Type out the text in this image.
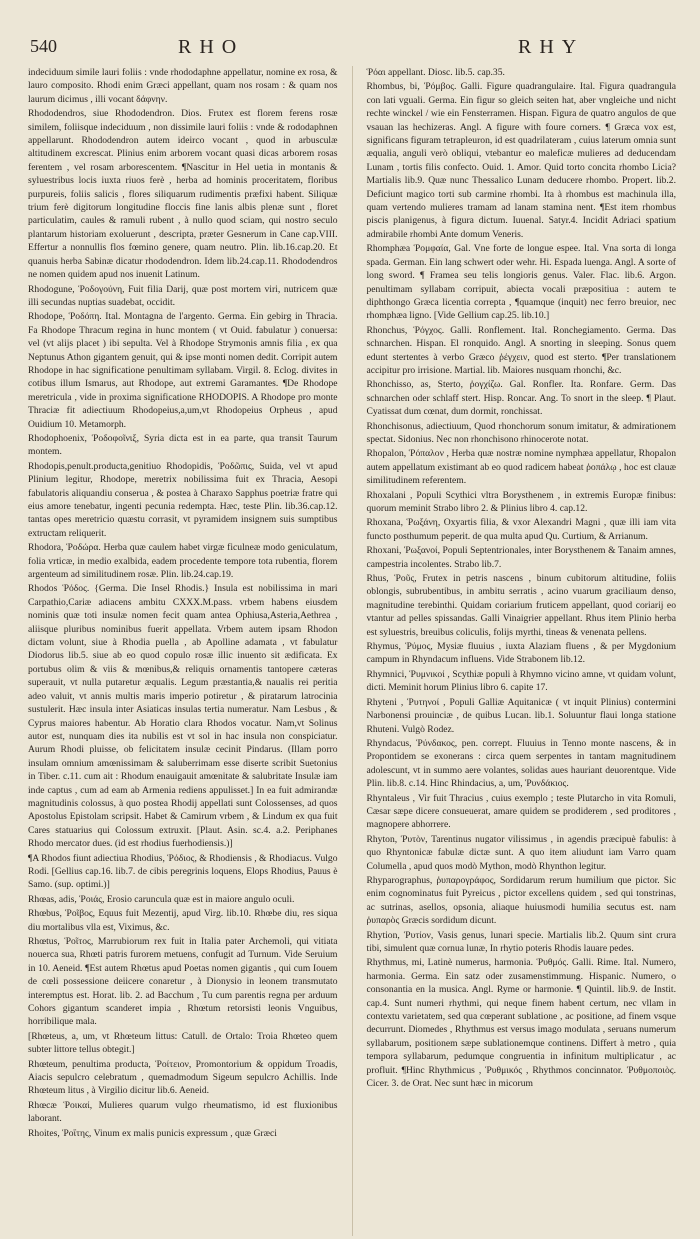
540	RHO	RHY

indeciduum simile lauri foliis : vnde rhododaphne appellatur, nomine ex rosa, & lauro composito. Rhodi enim Græci appellant, quam nos rosam : & quam nos laurum dicimus , illi vocant δάφνην.

Rhododendros, siue Rhododendron. Dios. Frutex est florem ferens rosæ similem, foliisque indeciduum , non dissimile lauri foliis : vnde & rododaphnen appellarunt. Rhododendron autem ideirco vocant , quod in arbusculæ altitudinem excrescat. Plinius enim arborem vocant quasi dicas arborem rosas ferentem , vel rosam arborescentem. ¶Nascitur in Hel uetia in montanis & syluestribus locis iuxta riuos ferè , herba ad hominis proceritatem, floribus purpureis, foliis salicis , flores siliquarum rudimentis præfixi habent. Siliquæ trium ferè digitorum longitudine floccis fine lanis albis plenæ sunt , floret particulatim, caules & ramuli rubent , à nullo quod sciam, qui nostro seculo plantarum historiam exoluerunt , descripta, præter Gesnerum in Cane cap.VIII. Effertur a nonnullis flos fœmino genere, quam neutro. Plin. lib.16.cap.20. Et quanuis herba Sabinæ dicatur rhododendron. Idem lib.24.cap.11. Rhododendros ne nomen quidem apud nos inuenit Latinum.

Rhodogune, Ῥοδογούνη, Fuit filia Darij, quæ post mortem viri, nutricem quæ illi secundas nuptias suadebat, occidit.

Rhodope, Ῥοδόπη. Ital. Montagna de l'argento. Germa. Ein gebirg in Thracia. Fa Rhodope Thracum regina in hunc montem ( vt Ouid. fabulatur ) conuersa: vel (vt alijs placet ) ibi sepulta. Vel à Rhodope Strymonis amnis filia , ex qua Neptunus Athon gigantem genuit, qui & ipse monti nomen dedit. Corripit autem Rhodope in hac significatione penultimam syllabam. Virgil. 8. Eclog. divites in cotibus illum Ismarus, aut Rhodope, aut extremi Garamantes. ¶De Rhodope meretricula , vide in proxima significatione RHODOPIS. A Rhodope pro monte Thraciæ fit adiectiuum Rhodopeius,a,um,vt Rhodopeius Orpheus , apud Ouidium 10. Metamorph.

Rhodophoenix, Ῥοδοφοῖνιξ, Syria dicta est in ea parte, qua transit Taurum montem.

Rhodopis,penult.producta,genitiuo Rhodopidis, Ῥοδῶπις, Suida, vel vt apud Plinium legitur, Rhodope, meretrix nobilissima fuit ex Thracia, Aesopi fabulatoris aliquandiu conserua , & postea à Charaxo Sapphus poetriæ fratre qui eius amore tenebatur, ingenti pecunia redempta. Hæc, teste Plin. lib.36.cap.12. tantas opes meretricio quæstu corrasit, vt pyramidem insignem suis sumptibus extructam reliquerit.

Rhodora, Ῥοδώρα. Herba quæ caulem habet virgæ ficulneæ modo geniculatum, folia vrticæ, in medio exalbida, eadem procedente tempore tota rubentia, florem argenteum ad similitudinem rosæ. Plin. lib.24.cap.19.

Rhodos Ῥόδος. {Germa. Die Insel Rhodis.} Insula est nobilissima in mari Carpathio,Cariæ adiacens ambitu CXXX.M.pass. vrbem habens eiusdem nominis quæ toti insulæ nomen fecit quam antea Ophiusa,Asteria,Aethrea , aliisque pluribus nominibus fuerit appellata. Vrbem autem ipsam Rhodon dictam volunt, siue à Rhodia puella , ab Apolline adamata , vt fabulatur Diodorus lib.5. siue ab eo quod copulo rosæ illic inuento sit ædificata. Ex portubus olim & viis & mœnibus,& reliquis ornamentis tantopere cæteras superauit, vt nulla putaretur æqualis. Legum præstantia,& naualis rei peritia adeo valuit, vt annis multis maris imperio potiretur , & piratarum latrocinia sustulerit. Hæc insula inter Asiaticas insulas tertia numeratur. Nam Lesbus , & Cyprus maiores habentur. Ab Horatio clara Rhodos vocatur. Nam,vt Solinus autor est, nunquam dies ita nubilis est vt sol in hac insula non conspiciatur. Aurum Rhodi pluisse, ob felicitatem insulæ cecinit Pindarus. (Illam porro insulam omnium amœnissimam & saluberrimam esse diserte scribit Suetonius in Tiber. c.11. cum ait : Rhodum enauigauit amœnitate & salubritate Insulæ iam inde captus , cum ad eam ab Armenia rediens appulisset.] In ea fuit admirandæ magnitudinis colossus, à quo postea Rhodij appellati sunt Colossenses, ad quos Apostolus Epistolam scripsit. Habet & Camirum vrbem , & Lindum ex qua fuit Cares statuarius qui Colossum extruxit. [Plaut. Asin. sc.4. a.2. Periphanes Rhodo mercator dues. (id est rhodius fuerhodiensis.)]

¶A Rhodos fiunt adiectiua Rhodius, Ῥόδιος, & Rhodiensis , & Rhodiacus. Vulgo Rodi. [Gellius cap.16. lib.7. de cibis peregrinis loquens, Elops Rhodius, Pauus è Samo. (sup. optimi.)]

Rhœas, adis, Ῥοιάς, Erosio caruncula quæ est in maiore angulo oculi.

Rhœbus, Ῥοῖβος, Equus fuit Mezentij, apud Virg. lib.10. Rhœbe diu, res siqua diu mortalibus vlla est, Viximus, &c.

Rhœtus, Ῥοῖτος, Marrubiorum rex fuit in Italia pater Archemoli, qui vitiata nouerca sua, Rhœti patris furorem metuens, confugit ad Turnum. Vide Seruium in 10. Aeneid. ¶Est autem Rhœtus apud Poetas nomen gigantis , qui cum Iouem de cœli possessione deiicere conaretur , à Dionysio in leonem transmutato interemptus est. Horat. lib. 2. ad Bacchum , Tu cum parentis regna per arduum Cohors gigantum scanderet impia , Rhœtum retorsisti leonis Vnguibus, horribilique mala.

[Rhœteus, a, um, vt Rhœteum littus: Catull. de Ortalo: Troia Rhœteo quem subter littore tellus obtegit.]

Rhœteum, penultima producta, Ῥοίτειον, Promontorium & oppidum Troadis, Aiacis sepulcro celebratum , quemadmodum Sigeum sepulcro Achillis. Inde Rhœteum litus , à Virgilio dicitur lib.6. Aeneid.

Rhœcæ Ῥοικαί, Mulieres quarum vulgo rheumatismo, id est fluxionibus laborant.

Rhoites, Ῥοΐτης, Vinum ex malis punicis expressum , quæ Græci

Ῥόαι appellant. Diosc. lib.5. cap.35.

Rhombus, bi, Ῥόμβος. Galli. Figure quadrangulaire. Ital. Figura quadrangula con lati vguali. Germa. Ein figur so gleich seiten hat, aber vngleiche und nicht rechte winckel / wie ein Fensterramen. Hispan. Figura de quatro angulos de que vsauan las hechizeras. Angl. A figure with foure corners. ¶ Græca vox est, significans figuram tetrapleuron, id est quadrilateram , cuius laterum omnia sunt æqualia, anguli verò obliqui, vtebantur eo maleficæ mulieres ad deducendam Lunam , tortis filis confecto. Ouid. 1. Amor. Quid torto concita rhombo Licia? Martialis lib.9. Quæ nunc Thessalico Lunam deducere rhombo. Propert. lib.2. Deficiunt magico torti sub carmine rhombi. Ita à rhombus est machinula illa, quam vertendo mulieres tramam ad lanam stamina nent. ¶Est item rhombus piscis planigenus, à figura dictum. Iuuenal. Satyr.4. Incidit Adriaci spatium admirabile rhombi Ante domum Veneris.

Rhomphæa Ῥομφαία, Gal. Vne forte de longue espee. Ital. Vna sorta di longa spada. German. Ein lang schwert oder wehr. Hi. Espada luenga. Angl. A sorte of long sword. ¶ Framea seu telis longioris genus. Valer. Flac. lib.6. Argon. penultimam syllabam corripuit, abiecta vocali præpositiua : autem te diphthongo Græca licentia correpta , ¶quamque (inquit) nec ferro breuior, nec rhomphæa ligno. [Vide Gellium cap.25. lib.10.]

Rhonchus, Ῥόγχος. Galli. Ronflement. Ital. Ronchegiamento. Germa. Das schnarchen. Hispan. El ronquido. Angl. A snorting in sleeping. Sonus quem edunt stertentes à verbo Græco ῥέγχειν, quod est sterto. ¶Per translationem accipitur pro irrisione. Martial. lib. Maiores nusquam rhonchi, &c.

Rhonchisso, as, Sterto, ῥογχίζω. Gal. Ronfler. Ita. Ronfare. Germ. Das schnarchen oder schlaff stert. Hisp. Roncar. Ang. To snort in the sleep. ¶ Plaut. Cyatissat dum cœnat, dum dormit, ronchissat.

Rhonchisonus, adiectiuum, Quod rhonchorum sonum imitatur, & admirationem spectat. Sidonius. Nec non rhonchisono rhinocerote notat.

Rhopalon, Ῥόπαλον , Herba quæ nostræ nomine nymphæa appellatur, Rhopalon autem appellatum existimant ab eo quod radicem habeat ῥοπάλῳ , hoc est clauæ similitudinem referentem.

Rhoxalani , Populi Scythici vltra Borysthenem , in extremis Europæ finibus: quorum meminit Strabo libro 2. & Plinius libro 4. cap.12.

Rhoxana, Ῥωξάνη, Oxyartis filia, & vxor Alexandri Magni , quæ illi iam vita functo posthumum peperit. de qua multa apud Qu. Curtium, & Arrianum.

Rhoxani, Ῥωξανοί, Populi Septentrionales, inter Borysthenem & Tanaim amnes, campestria incolentes. Strabo lib.7.

Rhus, Ῥοῦς, Frutex in petris nascens , binum cubitorum altitudine, foliis oblongis, subrubentibus, in ambitu serratis , acino vuarum graciliaum denso, magnitudine terebinthi. Quidam coriarium fruticem appellant, quod coriarij eo vtantur ad pelles spissandas. Galli Vinaigrier appellant. Rhus item Plinio herba est syluestris, breuibus coliculis, folijs myrthi, tineas & venenata pellens.

Rhymus, Ῥύμος, Mysiæ fluuius , iuxta Alaziam fluens , & per Mygdonium campum in Rhyndacum influens. Vide Strabonem lib.12.

Rhymnici, Ῥυμνικοί , Scythiæ populi à Rhymno vicino amne, vt quidam volunt, dicti. Meminit horum Plinius libro 6. capite 17.

Rhyteni , Ῥυτηνοί , Populi Galliæ Aquitanicæ ( vt inquit Plinius) contermini Narbonensi prouinciæ , de quibus Lucan. lib.1. Soluuntur flaui longa statione Rhuteni. Vulgò Rodez.

Rhyndacus, Ῥύνδακος, pen. corrept. Fluuius in Tenno monte nascens, & in Propontidem se exonerans : circa quem serpentes in tantam magnitudinem adolescunt, vt in summo aere volantes, solidas aues hauriant deuorentque. Vide Plin. lib.8. c.14. Hinc Rhindacius, a, um, Ῥυνδάκιος.

Rhyntaleus , Vir fuit Thracius , cuius exemplo ; teste Plutarcho in vita Romuli, Cæsar sæpe dicere consueuerat, amare quidem se prodiderem , sed proditores , magnopere abhorrere.

Rhyton, Ῥυτὸν, Tarentinus nugator vilissimus , in agendis præcipuè fabulis: à quo Rhyntonicæ fabulæ dictæ sunt. A quo item aliudunt iam Varro quam Columella , apud quos modò Mython, modò Rhynthon legitur.

Rhyparographus, ῥυπαρογράφος, Sordidarum rerum humilium que pictor. Sic enim cognominatus fuit Pyreicus , pictor excellens quidem , sed qui tonstrinas, ac sutrinas, asellos, opsonia, aliaque huiusmodi humilia secutus est. nam ῥυπαρὸς Græcis sordidum dicunt.

Rhytion, Ῥυτίον, Vasis genus, lunari specie. Martialis lib.2. Quum sint crura tibi, simulent quæ cornua lunæ, In rhytio poteris Rhodis lauare pedes.

Rhythmus, mi, Latinè numerus, harmonia. Ῥυθμός. Galli. Rime. Ital. Numero, harmonia. Germa. Ein satz oder zusamenstimmung. Hispanic. Numero, o consonantia en la musica. Angl. Ryme or harmonie. ¶ Quintil. lib.9. de Instit. cap.4. Sunt numeri rhythmi, qui neque finem habent certum, nec vllam in contextu varietatem, sed qua cœperant sublatione , ac positione, ad finem vsque decurrunt. Diomedes , Rhythmus est versus imago modulata , seruans numerum syllabarum, positionem sæpe sublationemque continens. Differt à metro , quia tempora syllabarum, pedumque congruentia in infinitum multiplicatur , ac profluit. ¶Hinc Rhythmicus , Ῥυθμικός , Rhythmos concinnator. Ῥυθμοποιὸς. Cicer. 3. de Orat. Nec sunt hæc in micorum
